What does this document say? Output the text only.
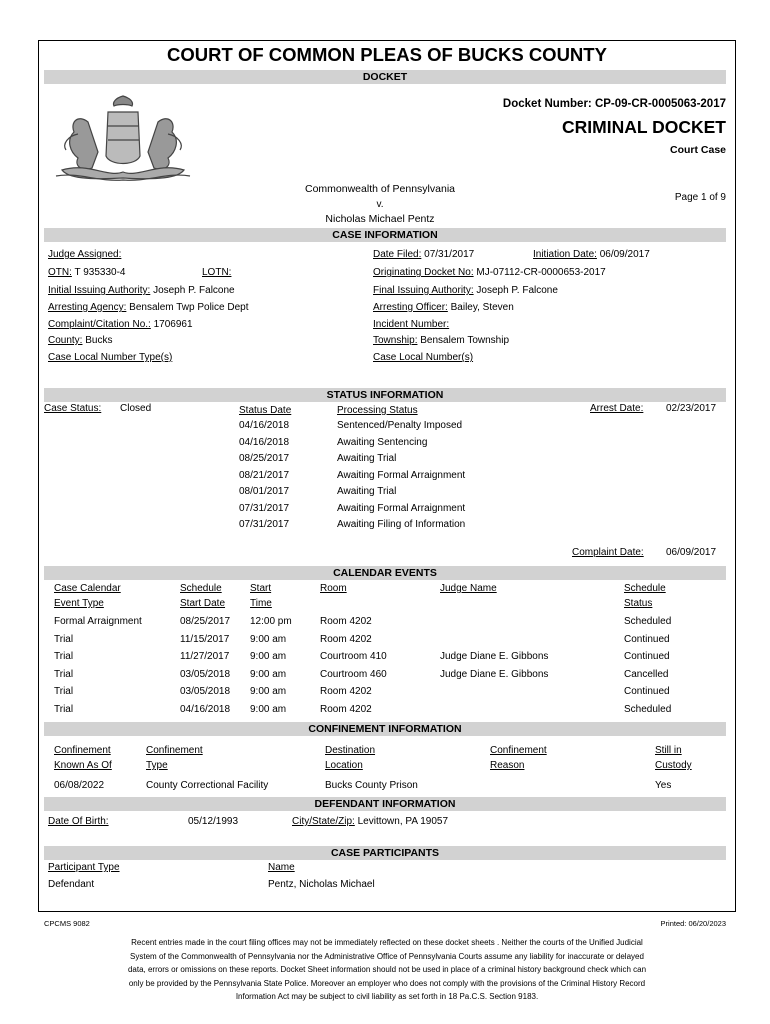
COURT OF COMMON PLEAS OF BUCKS COUNTY
DOCKET
Docket Number: CP-09-CR-0005063-2017
CRIMINAL DOCKET
Court Case
Commonwealth of Pennsylvania
v.
Nicholas Michael Pentz
Page 1 of 9
CASE INFORMATION
Judge Assigned:	Date Filed: 07/31/2017	Initiation Date: 06/09/2017
OTN: T 935330-4	LOTN:	Originating Docket No: MJ-07112-CR-0000653-2017
Initial Issuing Authority: Joseph P. Falcone	Final Issuing Authority: Joseph P. Falcone
Arresting Agency: Bensalem Twp Police Dept	Arresting Officer: Bailey, Steven
Complaint/Citation No.: 1706961	Incident Number:
County: Bucks	Township: Bensalem Township
Case Local Number Type(s)	Case Local Number(s)
STATUS INFORMATION
Case Status: Closed	Status Date	Processing Status	Arrest Date: 02/23/2017
04/16/2018	Sentenced/Penalty Imposed
04/16/2018	Awaiting Sentencing
08/25/2017	Awaiting Trial
08/21/2017	Awaiting Formal Arraignment
08/01/2017	Awaiting Trial
07/31/2017	Awaiting Formal Arraignment
07/31/2017	Awaiting Filing of Information
Complaint Date: 06/09/2017
CALENDAR EVENTS
Case Calendar
Event Type
Schedule
Start Date
Start
Time
Room	Judge Name	Schedule
Status
Formal Arraignment	08/25/2017 12:00 pm	Room 4202	Scheduled
Trial	11/15/2017 9:00 am	Room 4202	Continued
Trial	11/27/2017 9:00 am	Courtroom 410	Judge Diane E. Gibbons	Continued
Trial	03/05/2018 9:00 am	Courtroom 460	Judge Diane E. Gibbons	Cancelled
Trial	03/05/2018 9:00 am	Room 4202	Continued
Trial	04/16/2018 9:00 am	Room 4202	Scheduled
CONFINEMENT INFORMATION
Confinement
Known As Of
Confinement
Type
Destination
Location
Confinement
Reason
Still in
Custody
06/08/2022	County Correctional Facility	Bucks County Prison	Yes
DEFENDANT INFORMATION
Date Of Birth:	05/12/1993	City/State/Zip: Levittown, PA 19057
CASE PARTICIPANTS
Participant Type	Name
Defendant	Pentz, Nicholas Michael
CPCMS 9082	Printed: 06/20/2023
Recent entries made in the court filing offices may not be immediately reflected on these docket sheets . Neither the courts of the Unified Judicial
System of the Commonwealth of Pennsylvania nor the Administrative Office of Pennsylvania Courts assume any liability for inaccurate or delayed
data, errors or omissions on these reports. Docket Sheet information should not be used in place of a criminal history background check which can
only be provided by the Pennsylvania State Police. Moreover an employer who does not comply with the provisions of the Criminal History Record
Information Act may be subject to civil liability as set forth in 18 Pa.C.S. Section 9183.
